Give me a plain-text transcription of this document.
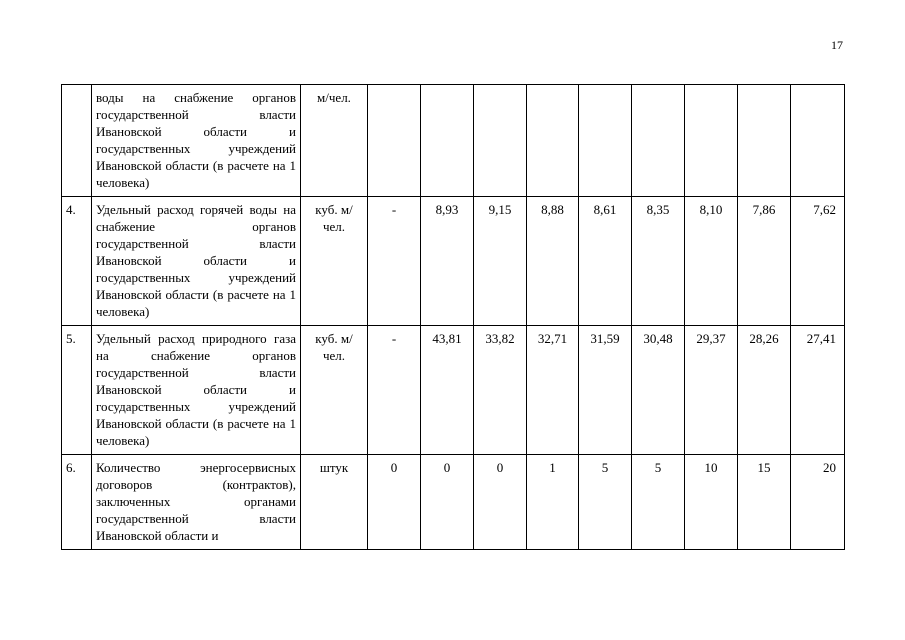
17
	воды на снабжение органов государственной власти Ивановской области и государственных учреждений Ивановской области (в расчете на 1 человека)	м/чел.									
4.	Удельный расход горячей воды на снабжение органов государственной власти Ивановской области и государственных учреждений Ивановской области (в расчете на 1 человека)	куб. м/чел.	-	8,93	9,15	8,88	8,61	8,35	8,10	7,86	7,62
5.	Удельный расход природного газа на снабжение органов государственной власти Ивановской области и государственных учреждений Ивановской области (в расчете на 1 человека)	куб. м/чел.	-	43,81	33,82	32,71	31,59	30,48	29,37	28,26	27,41
6.	Количество энергосервисных договоров (контрактов), заключенных органами государственной власти Ивановской области и	штук	0	0	0	1	5	5	10	15	20
